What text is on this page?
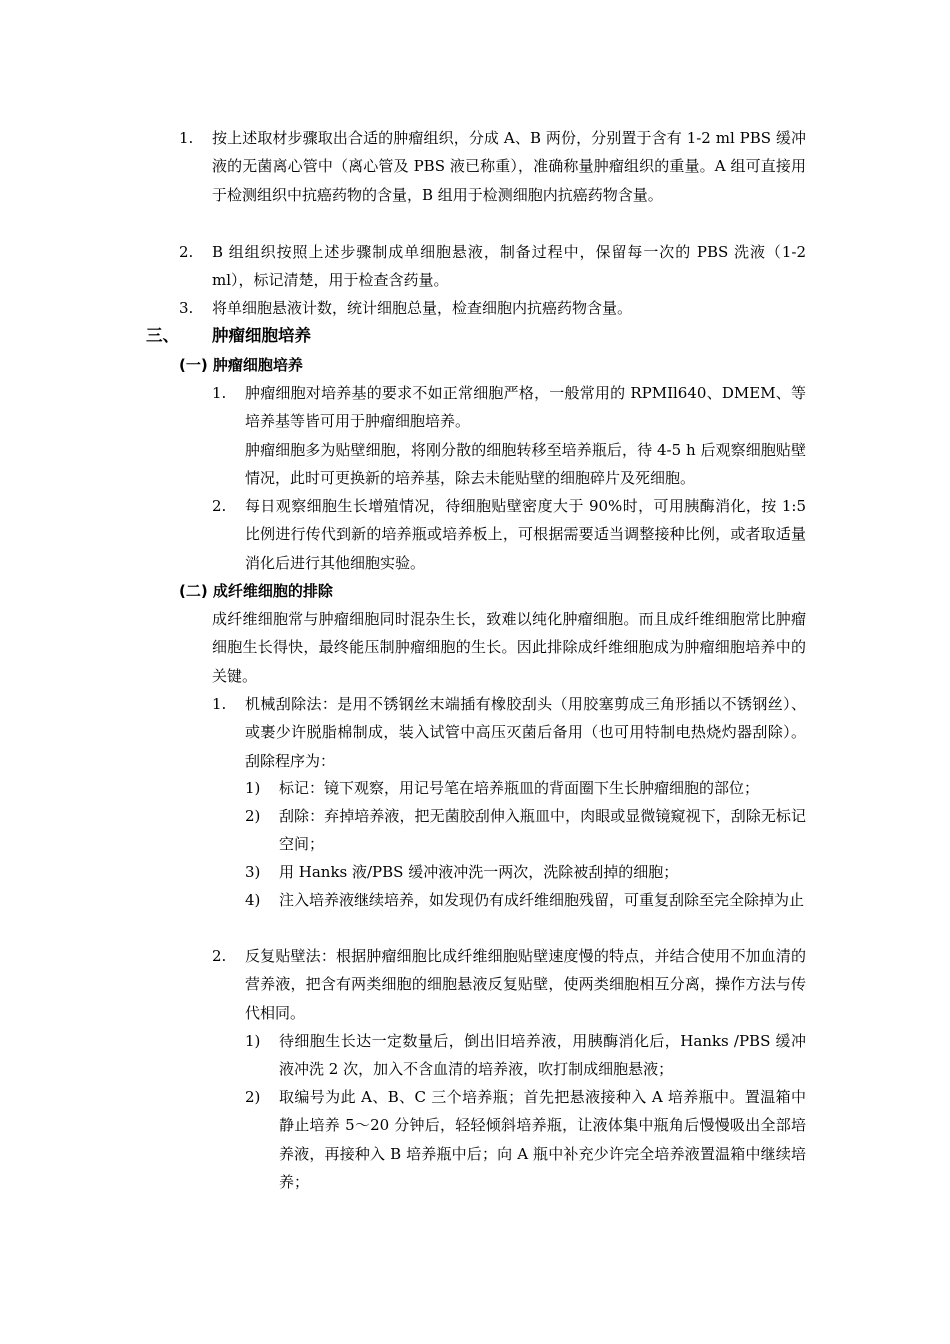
1. 按上述取材步骤取出合适的肿瘤组织，分成 A、B 两份，分别置于含有 1-2 ml PBS 缓冲液的无菌离心管中（离心管及 PBS 液已称重），准确称量肿瘤组织的重量。A 组可直接用于检测组织中抗癌药物的含量，B 组用于检测细胞内抗癌药物含量。
2. B 组组织按照上述步骤制成单细胞悬液，制备过程中，保留每一次的 PBS 洗液（1-2 ml），标记清楚，用于检查含药量。
3. 将单细胞悬液计数，统计细胞总量，检查细胞内抗癌药物含量。
三、 肿瘤细胞培养
(一) 肿瘤细胞培养
1. 肿瘤细胞对培养基的要求不如正常细胞严格，一般常用的 RPMIl640、DMEM、等培养基等皆可用于肿瘤细胞培养。
肿瘤细胞多为贴壁细胞，将刚分散的细胞转移至培养瓶后，待 4-5 h 后观察细胞贴壁情况，此时可更换新的培养基，除去未能贴壁的细胞碎片及死细胞。
2. 每日观察细胞生长增殖情况，待细胞贴壁密度大于 90%时，可用胰酶消化，按 1:5 比例进行传代到新的培养瓶或培养板上，可根据需要适当调整接种比例，或者取适量消化后进行其他细胞实验。
(二) 成纤维细胞的排除
成纤维细胞常与肿瘤细胞同时混杂生长，致难以纯化肿瘤细胞。而且成纤维细胞常比肿瘤细胞生长得快，最终能压制肿瘤细胞的生长。因此排除成纤维细胞成为肿瘤细胞培养中的关键。
1. 机械刮除法：是用不锈钢丝末端插有橡胶刮头（用胶塞剪成三角形插以不锈钢丝）、或裹少许脱脂棉制成，装入试管中高压灭菌后备用（也可用特制电热烧灼器刮除）。刮除程序为：
1) 标记：镜下观察，用记号笔在培养瓶皿的背面圈下生长肿瘤细胞的部位；
2) 刮除：弃掉培养液，把无菌胶刮伸入瓶皿中，肉眼或显微镜窥视下，刮除无标记空间；
3) 用 Hanks 液/PBS 缓冲液冲洗一两次，洗除被刮掉的细胞；
4) 注入培养液继续培养，如发现仍有成纤维细胞残留，可重复刮除至完全除掉为止
2. 反复贴壁法：根据肿瘤细胞比成纤维细胞贴壁速度慢的特点，并结合使用不加血清的营养液，把含有两类细胞的细胞悬液反复贴壁，使两类细胞相互分离，操作方法与传代相同。
1) 待细胞生长达一定数量后，倒出旧培养液，用胰酶消化后，Hanks /PBS 缓冲液冲洗 2 次，加入不含血清的培养液，吹打制成细胞悬液；
2) 取编号为此 A、B、C 三个培养瓶；首先把悬液接种入 A 培养瓶中。置温箱中静止培养 5～20 分钟后，轻轻倾斜培养瓶，让液体集中瓶角后慢慢吸出全部培养液，再接种入 B 培养瓶中后；向 A 瓶中补充少许完全培养液置温箱中继续培养；
